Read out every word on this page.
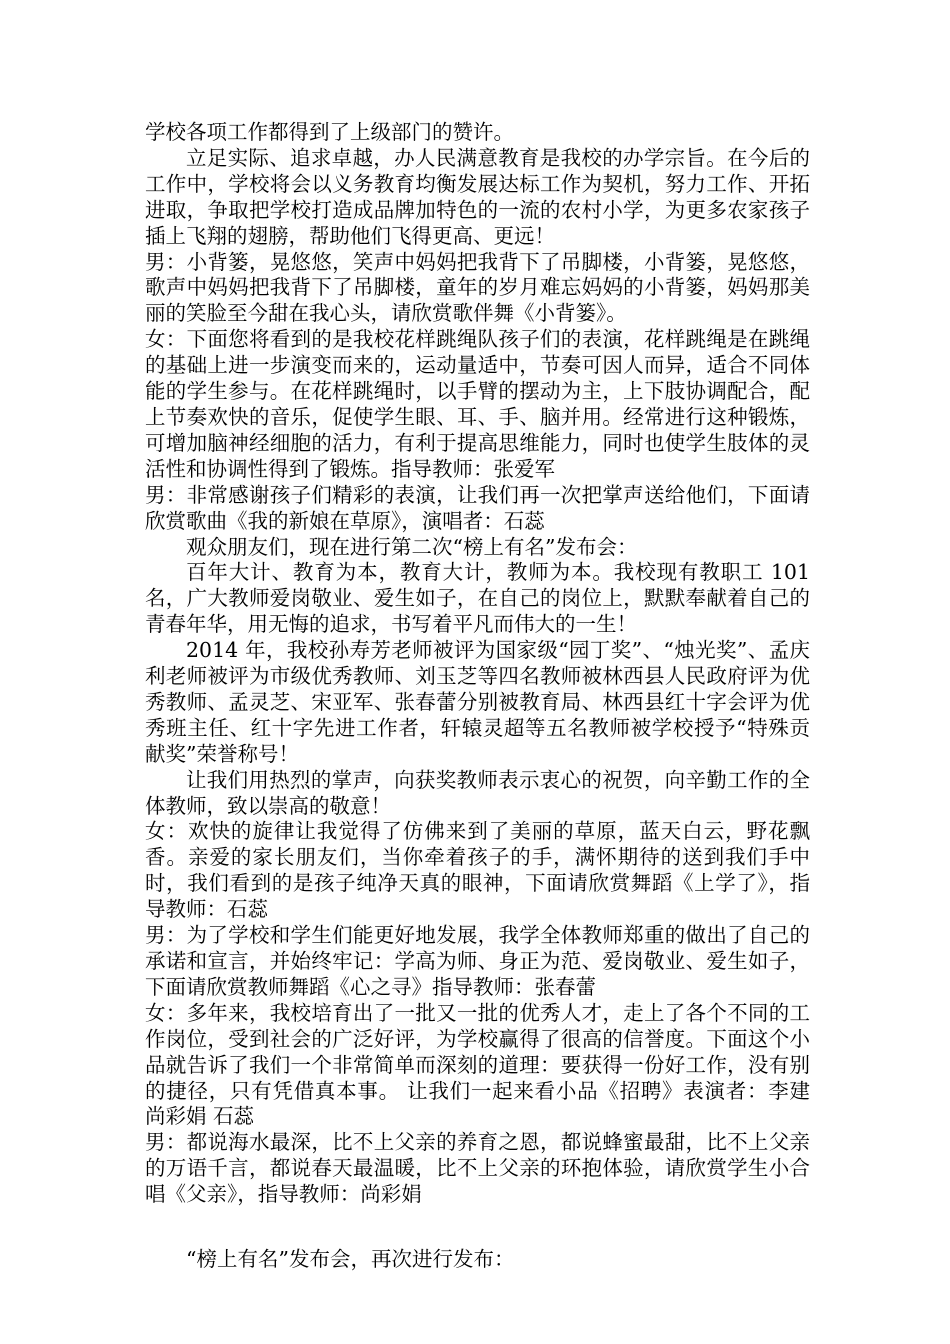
学校各项工作都得到了上级部门的赞许。

立足实际、追求卓越，办人民满意教育是我校的办学宗旨。在今后的工作中，学校将会以义务教育均衡发展达标工作为契机，努力工作、开拓进取，争取把学校打造成品牌加特色的一流的农村小学，为更多农家孩子插上飞翔的翅膀，帮助他们飞得更高、更远！

男：小背篓，晃悠悠，笑声中妈妈把我背下了吊脚楼，小背篓，晃悠悠，歌声中妈妈把我背下了吊脚楼，童年的岁月难忘妈妈的小背篓，妈妈那美丽的笑脸至今甜在我心头，请欣赏歌伴舞《小背篓》。

女：下面您将看到的是我校花样跳绳队孩子们的表演，花样跳绳是在跳绳的基础上进一步演变而来的，运动量适中，节奏可因人而异，适合不同体能的学生参与。在花样跳绳时，以手臂的摆动为主，上下肢协调配合，配上节奏欢快的音乐，促使学生眼、耳、手、脑并用。经常进行这种锻炼，可增加脑神经细胞的活力，有利于提高思维能力，同时也使学生肢体的灵活性和协调性得到了锻炼。指导教师：张爱军

男：非常感谢孩子们精彩的表演，让我们再一次把掌声送给他们，下面请欣赏歌曲《我的新娘在草原》，演唱者：石蕊

观众朋友们，现在进行第二次“榜上有名”发布会：

百年大计、教育为本，教育大计，教师为本。我校现有教职工 101 名，广大教师爱岗敬业、爱生如子，在自己的岗位上，默默奉献着自己的青春年华，用无悔的追求，书写着平凡而伟大的一生！

2014 年，我校孙寿芳老师被评为国家级“园丁奖”、“烛光奖”、孟庆利老师被评为市级优秀教师、刘玉芝等四名教师被林西县人民政府评为优秀教师、孟灵芝、宋亚军、张春蕾分别被教育局、林西县红十字会评为优秀班主任、红十字先进工作者，轩辕灵超等五名教师被学校授予“特殊贡献奖”荣誉称号！

让我们用热烈的掌声，向获奖教师表示衷心的祝贺，向辛勤工作的全体教师，致以崇高的敬意！

女：欢快的旋律让我觉得了仿佛来到了美丽的草原，蓝天白云，野花飘香。亲爱的家长朋友们，当你牵着孩子的手，满怀期待的送到我们手中时，我们看到的是孩子纯净天真的眼神，下面请欣赏舞蹈《上学了》，指导教师：石蕊

男：为了学校和学生们能更好地发展，我学全体教师郑重的做出了自己的承诺和宣言，并始终牢记：学高为师、身正为范、爱岗敬业、爱生如子，下面请欣赏教师舞蹈《心之寻》指导教师：张春蕾

女：多年来，我校培育出了一批又一批的优秀人才，走上了各个不同的工作岗位，受到社会的广泛好评，为学校赢得了很高的信誉度。下面这个小品就告诉了我们一个非常简单而深刻的道理：要获得一份好工作，没有别的捷径，只有凭借真本事。 让我们一起来看小品《招聘》表演者：李建 尚彩娟 石蕊

男：都说海水最深，比不上父亲的养育之恩，都说蜂蜜最甜，比不上父亲的万语千言，都说春天最温暖，比不上父亲的环抱体验，请欣赏学生小合唱《父亲》，指导教师：尚彩娟

“榜上有名”发布会，再次进行发布：
